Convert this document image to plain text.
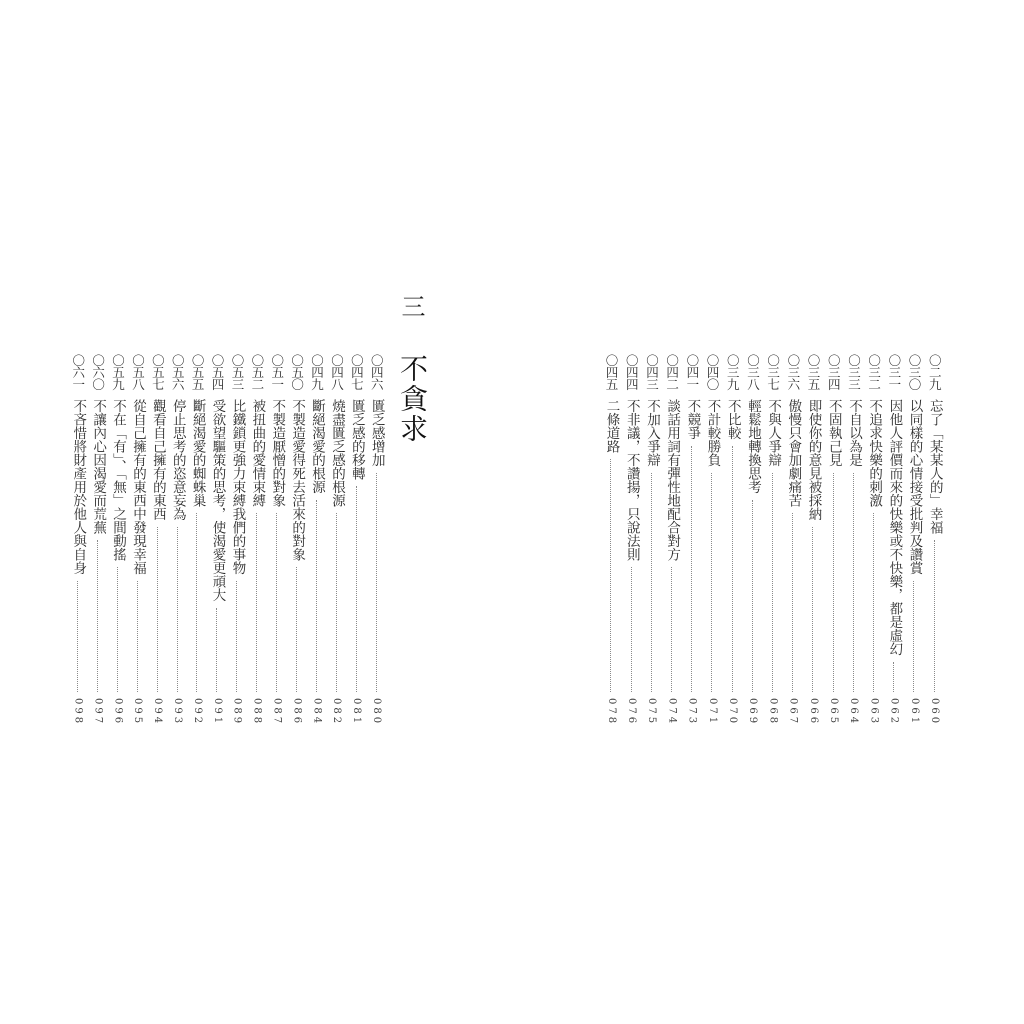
三
不貪求
〇四六
匱乏感增加
080
〇四七
匱乏感的移轉
081
〇四八
燒盡匱乏感的根源
082
〇四九
斷絕渴愛的根源
084
〇五〇
不製造愛得死去活來的對象
086
〇五一
不製造厭憎的對象
087
〇五二
被扭曲的愛情束縛
088
〇五三
比鐵鎖更強力束縛我們的事物
089
〇五四
受欲望驅策的思考，使渴愛更頑大
091
〇五五
斷絕渴愛的蜘蛛巢
092
〇五六
停止思考的恣意妄為
093
〇五七
觀看自己擁有的東西
094
〇五八
從自己擁有的東西中發現幸福
095
〇五九
不在「有」、「無」之間動搖
096
〇六〇
不讓內心因渴愛而荒蕪
097
〇六一
不吝惜將財產用於他人與自身
098
〇二九
忘了「某某人的」幸福
060
〇三〇
以同樣的心情接受批判及讚賞
061
〇三一
因他人評價而來的快樂或不快樂，都是虛幻
062
〇三二
不追求快樂的刺激
063
〇三三
不自以為是
064
〇三四
不固執己見
065
〇三五
即使你的意見被採納
066
〇三六
傲慢只會加劇痛苦
067
〇三七
不與人爭辯
068
〇三八
輕鬆地轉換思考
069
〇三九
不比較
070
〇四〇
不計較勝負
071
〇四一
不競爭
073
〇四二
談話用詞有彈性地配合對方
074
〇四三
不加入爭辯
075
〇四四
不非議，不讚揚，只說法則
076
〇四五
二條道路
078
